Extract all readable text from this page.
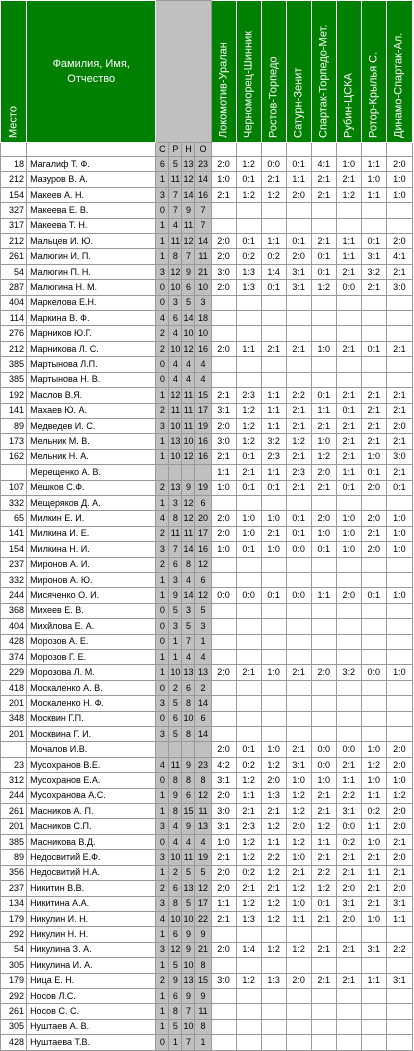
Место	Фамилия, Имя,
Отчество					Локомотив-Уралан	Черноморец-Шинник	Ростов-Торпедо	Сатурн-Зенит	Спартак-Торпедо-Мет.	Рубин-ЦСКА	Ротор-Крылья С.	Динамо-Спартак-Ал.

		С	Р	Н	О								
18	Магалиф Т. Ф.	6	5	13	23	2:0	1:2	0:0	0:1	4:1	1:0	1:1	2:0
212	Мазуров В. А.	1	11	12	14	1:0	0:1	2:1	1:1	2:1	2:1	1:0	1:0
154	Макеев А. Н.	3	7	14	16	2:1	1:2	1:2	2:0	2:1	1:2	1:1	1:0
327	Макеева Е. В.	0	7	9	7								
317	Макеева Т. Н.	1	4	11	7								
212	Мальцев И. Ю.	1	11	12	14	2:0	0:1	1:1	0:1	2:1	1:1	0:1	2:0
261	Малюгин И. П.	1	8	7	11	2:0	0:2	0:2	2:0	0:1	1:1	3:1	4:1
54	Малюгин П. Н.	3	12	9	21	3:0	1:3	1:4	3:1	0:1	2:1	3:2	2:1
287	Малюгина Н. М.	0	10	6	10	2:0	1:3	0:1	3:1	1:2	0:0	2:1	3:0
404	Маркелова Е.Н.	0	3	5	3								
114	Маркина В. Ф.	4	6	14	18								
276	Марников Ю.Г.	2	4	10	10								
212	Марникова Л. С.	2	10	12	16	2:0	1:1	2:1	2:1	1:0	2:1	0:1	2:1
385	Мартынова Л.П.	0	4	4	4								
385	Мартынова Н. В.	0	4	4	4								
192	Маслов В.Я.	1	12	11	15	2:1	2:3	1:1	2:2	0:1	2:1	2:1	2:1
141	Махаев Ю. А.	2	11	11	17	3:1	1:2	1:1	2:1	1:1	0:1	2:1	2:1
89	Медведев И. С.	3	10	11	19	2:0	1:2	1:1	2:1	2:1	2:1	2:1	2:0
173	Мельник М. В.	1	13	10	16	3:0	1:2	3:2	1:2	1:0	2:1	2:1	2:1
162	Мельник Н. А.	1	10	12	16	2:1	0:1	2:3	2:1	1:2	2:1	1:0	3:0
	Мерещенко А. В.					1:1	2:1	1:1	2:3	2:0	1:1	0:1	2:1
107	Мешков С.Ф.	2	13	9	19	1:0	0:1	0:1	2:1	2:1	0:1	2:0	0:1
332	Мещеряков Д. А.	1	3	12	6								
65	Милкин Е. И.	4	8	12	20	2:0	1:0	1:0	0:1	2:0	1:0	2:0	1:0
141	Милкина И. Е.	2	11	11	17	2:0	1:0	2:1	0:1	1:0	1:0	2:1	1:0
154	Милкина Н. И.	3	7	14	16	1:0	0:1	1:0	0:0	0:1	1:0	2:0	1:0
237	Миронов А. И.	2	6	8	12								
332	Миронов А. Ю.	1	3	4	6								
244	Мисяченко О. И.	1	9	14	12	0:0	0:0	0:1	0:0	1:1	2:0	0:1	1:0
368	Михеев Е. В.	0	5	3	5								
404	Михйлова Е. А.	0	3	5	3								
428	Морозов А. Е.	0	1	7	1								
374	Морозов Г. Е.	1	1	4	4								
229	Морозова Л. М.	1	10	13	13	2:0	2:1	1:0	2:1	2:0	3:2	0:0	1:0
418	Москаленко А. В.	0	2	6	2								
201	Москаленко Н. Ф.	3	5	8	14								
348	Москвин Г.П.	0	6	10	6								
201	Москвина Г. И.	3	5	8	14								
	Мочалов И.В.					2:0	0:1	1:0	2:1	0:0	0:0	1:0	2:0
23	Мусохранов В.Е.	4	11	9	23	4:2	0:2	1:2	3:1	0:0	2:1	1:2	2:0
312	Мусохранов Е.А.	0	8	8	8	3:1	1:2	2:0	1:0	1:0	1:1	1:0	1:0
244	Мусохранова А.С.	1	9	6	12	2:0	1:1	1:3	1:2	2:1	2:2	1:1	1:2
261	Масников А. П.	1	8	15	11	3:0	2:1	2:1	1:2	2:1	3:1	0:2	2:0
201	Масников С.П.	3	4	9	13	3:1	2:3	1:2	2:0	1:2	0:0	1:1	2:0
385	Масникова В.Д.	0	4	4	4	1:0	1:2	1:1	1:2	1:1	0:2	1:0	2:1
89	Недосвитий Е.Ф.	3	10	11	19	2:1	1:2	2:2	1:0	2:1	2:1	2:1	2:0
356	Недосвитий Н.А.	1	2	5	5	2:0	0:2	1:2	2:1	2:2	2:1	1:1	2:1
237	Никитин В.В.	2	6	13	12	2:0	2:1	2:1	1:2	1:2	2:0	2:1	2:0
134	Никитина А.А.	3	8	5	17	1:1	1:2	1:2	1:0	0:1	3:1	2:1	3:1
179	Никулин И. Н.	4	10	10	22	2:1	1:3	1:2	1:1	2:1	2:0	1:0	1:1
292	Никулин Н. Н.	1	6	9	9								
54	Никулина З. А.	3	12	9	21	2:0	1:4	1:2	1:2	2:1	2:1	3:1	2:2
305	Никулина И. А.	1	5	10	8								
179	Ница Е. Н.	2	9	13	15	3:0	1:2	1:3	2:0	2:1	2:1	1:1	3:1
292	Носов Л.С.	1	6	9	9								
261	Носов С. С.	1	8	7	11								
305	Нуштаев А. В.	1	5	10	8								
428	Нуштаева Т.В.	0	1	7	1								
